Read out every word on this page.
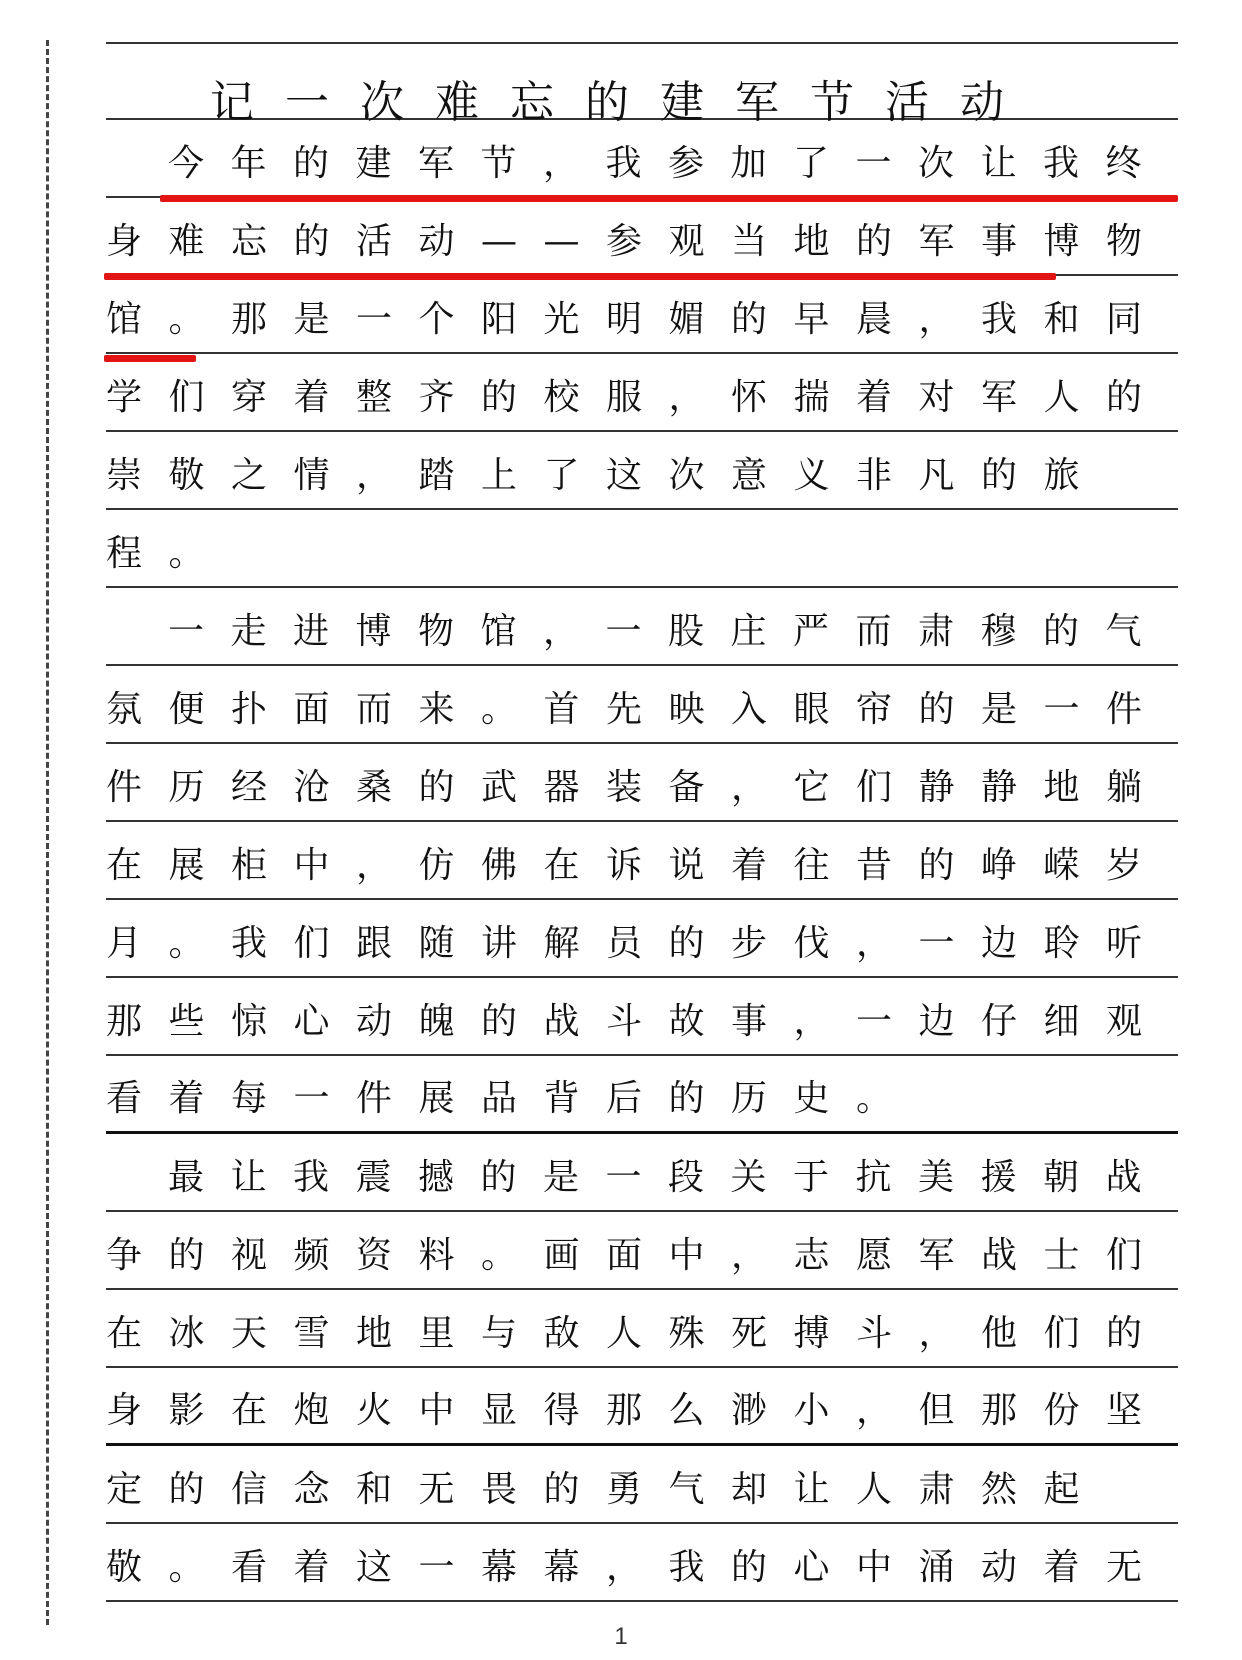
记一次难忘的建军节活动
今年的建军节，我参加了一次让我终
身难忘的活动——参观当地的军事博物
馆。那是一个阳光明媚的早晨，我和同
学们穿着整齐的校服，怀揣着对军人的
崇敬之情，踏上了这次意义非凡的旅
程。
一走进博物馆，一股庄严而肃穆的气
氛便扑面而来。首先映入眼帘的是一件
件历经沧桑的武器装备，它们静静地躺
在展柜中，仿佛在诉说着往昔的峥嵘岁
月。我们跟随讲解员的步伐，一边聆听
那些惊心动魄的战斗故事，一边仔细观
看着每一件展品背后的历史。
最让我震撼的是一段关于抗美援朝战
争的视频资料。画面中，志愿军战士们
在冰天雪地里与敌人殊死搏斗，他们的
身影在炮火中显得那么渺小，但那份坚
定的信念和无畏的勇气却让人肃然起
敬。看着这一幕幕，我的心中涌动着无
1
